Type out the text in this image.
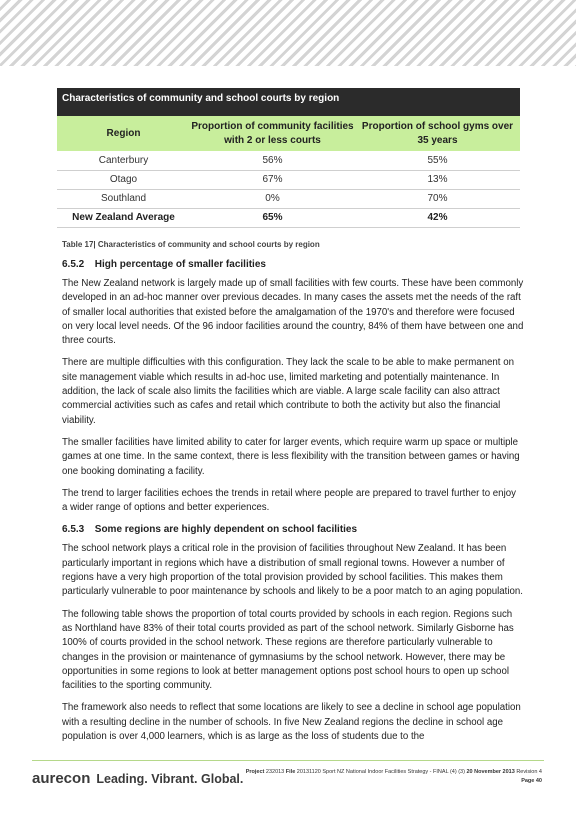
Characteristics of community and school courts by region
Region	Proportion of community facilities with 2 or less courts	Proportion of school gyms over 35 years
Canterbury	56%	55%
Otago	67%	13%
Southland	0%	70%
New Zealand Average	65%	42%
Table 17| Characteristics of community and school courts by region
6.5.2 High percentage of smaller facilities

The New Zealand network is largely made up of small facilities with few courts. These have been commonly developed in an ad-hoc manner over previous decades. In many cases the assets met the needs of the raft of smaller local authorities that existed before the amalgamation of the 1970's and therefore were focused on very local level needs. Of the 96 indoor facilities around the country, 84% of them have between one and three courts.

There are multiple difficulties with this configuration. They lack the scale to be able to make permanent on site management viable which results in ad-hoc use, limited marketing and potentially maintenance. In addition, the lack of scale also limits the facilities which are viable. A large scale facility can also attract commercial activities such as cafes and retail which contribute to both the activity but also the financial viability.

The smaller facilities have limited ability to cater for larger events, which require warm up space or multiple games at one time. In the same context, there is less flexibility with the transition between games or having one booking dominating a facility.

The trend to larger facilities echoes the trends in retail where people are prepared to travel further to enjoy a wider range of options and better experiences.

6.5.3 Some regions are highly dependent on school facilities

The school network plays a critical role in the provision of facilities throughout New Zealand. It has been particularly important in regions which have a distribution of small regional towns. However a number of regions have a very high proportion of the total provision provided by school facilities. This makes them particularly vulnerable to poor maintenance by schools and likely to be a poor match to an aging population.

The following table shows the proportion of total courts provided by schools in each region. Regions such as Northland have 83% of their total courts provided as part of the school network. Similarly Gisborne has 100% of courts provided in the school network. These regions are therefore particularly vulnerable to changes in the provision or maintenance of gymnasiums by the school network. However, there may be opportunities in some regions to look at better management options post school hours to open up school facilities to the sporting community.

The framework also needs to reflect that some locations are likely to see a decline in school age population with a resulting decline in the number of schools. In five New Zealand regions the decline in school age population is over 4,000 learners, which is as large as the loss of students due to the

aurecon Leading. Vibrant. Global. Project 232013 File 20131120 Sport NZ National Indoor Facilities Strategy - FINAL (4) (3) 20 November 2013 Revision 4
Page 40
